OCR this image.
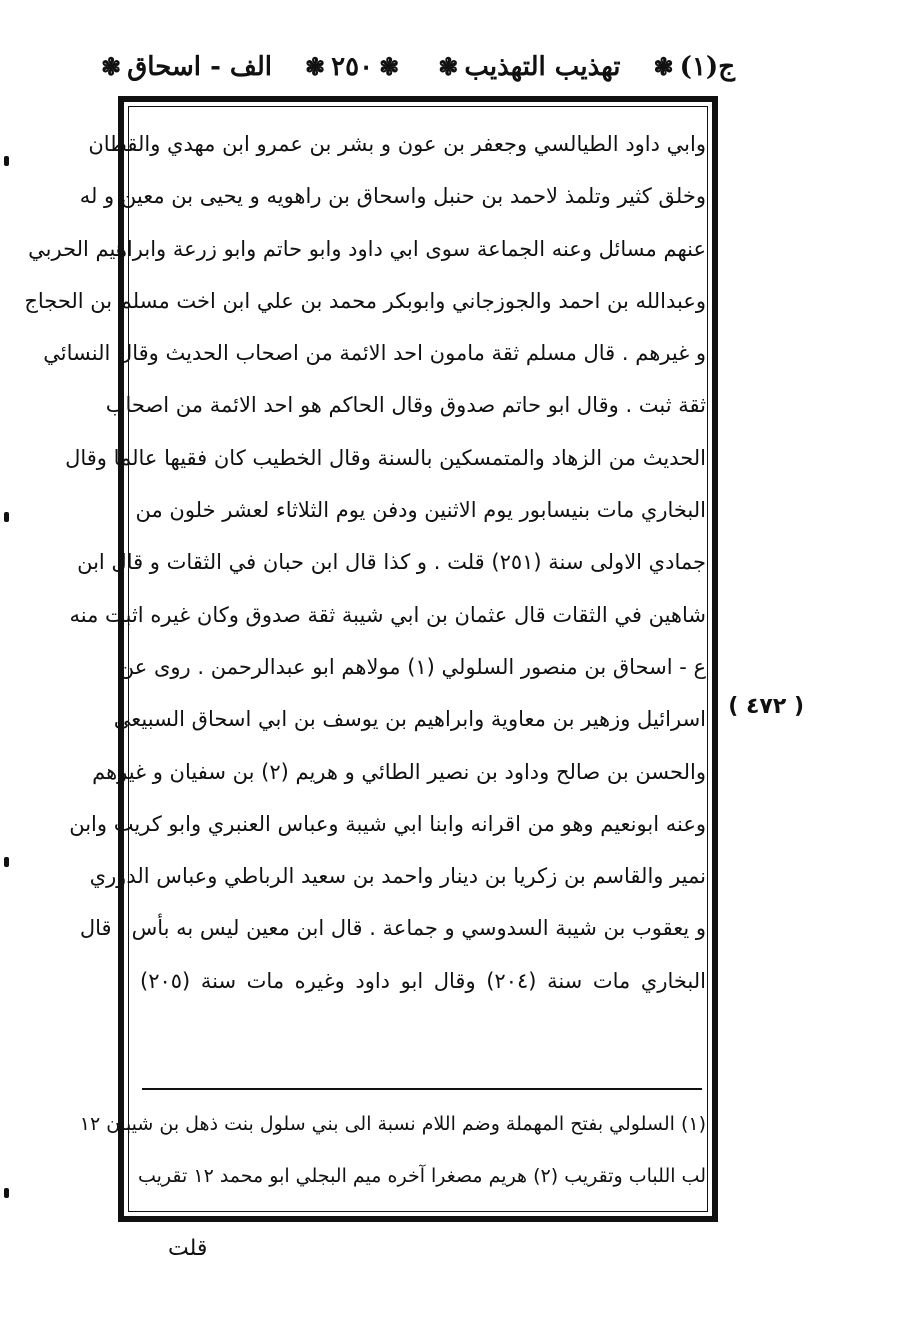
ج(١)
❃
تهذيب التهذيب
❃
❃
٢٥٠
❃
الف - اسحاق
❃
وابي داود الطيالسي وجعفر بن عون و بشر بن عمرو ابن مهدي والقطان
وخلق كثير وتلمذ لاحمد بن حنبل واسحاق بن راهويه و يحيى بن معين و له
عنهم مسائل وعنه الجماعة سوى ابي داود وابو حاتم وابو زرعة وابراهيم الحربي
وعبدالله بن احمد والجوزجاني وابوبكر محمد بن علي ابن اخت مسلم بن الحجاج
و غيرهم . قال مسلم ثقة مامون احد الائمة من اصحاب الحديث وقال النسائي
ثقة ثبت . وقال ابو حاتم صدوق وقال الحاكم هو احد الائمة من اصحاب
الحديث من الزهاد والمتمسكين بالسنة وقال الخطيب كان فقيها عالما وقال
البخاري مات بنيسابور يوم الاثنين ودفن يوم الثلاثاء لعشر خلون من
جمادي الاولى سنة (٢٥١) قلت . و كذا قال ابن حبان في الثقات و قال ابن
شاهين في الثقات قال عثمان بن ابي شيبة ثقة صدوق وكان غيره اثبت منه
ع - اسحاق بن منصور السلولي (١) مولاهم ابو عبدالرحمن . روى عن
اسرائيل وزهير بن معاوية وابراهيم بن يوسف بن ابي اسحاق السبيعي
والحسن بن صالح وداود بن نصير الطائي و هريم (٢) بن سفيان و غيرهم
وعنه ابونعيم وهو من اقرانه وابنا ابي شيبة وعباس العنبري وابو كريب وابن
نمير والقاسم بن زكريا بن دينار واحمد بن سعيد الرباطي وعباس الدوري
و يعقوب بن شيبة السدوسي و جماعة . قال ابن معين ليس به بأس . قال
البخاري مات سنة (٢٠٤) وقال ابو داود وغيره مات سنة (٢٠٥)
(١) السلولي بفتح المهملة وضم اللام نسبة الى بني سلول بنت ذهل بن شيبان ١٢
لب اللباب وتقريب (٢) هريم مصغرا آخره ميم البجلي ابو محمد ١٢ تقريب
( ٤٧٢ )
قلت
